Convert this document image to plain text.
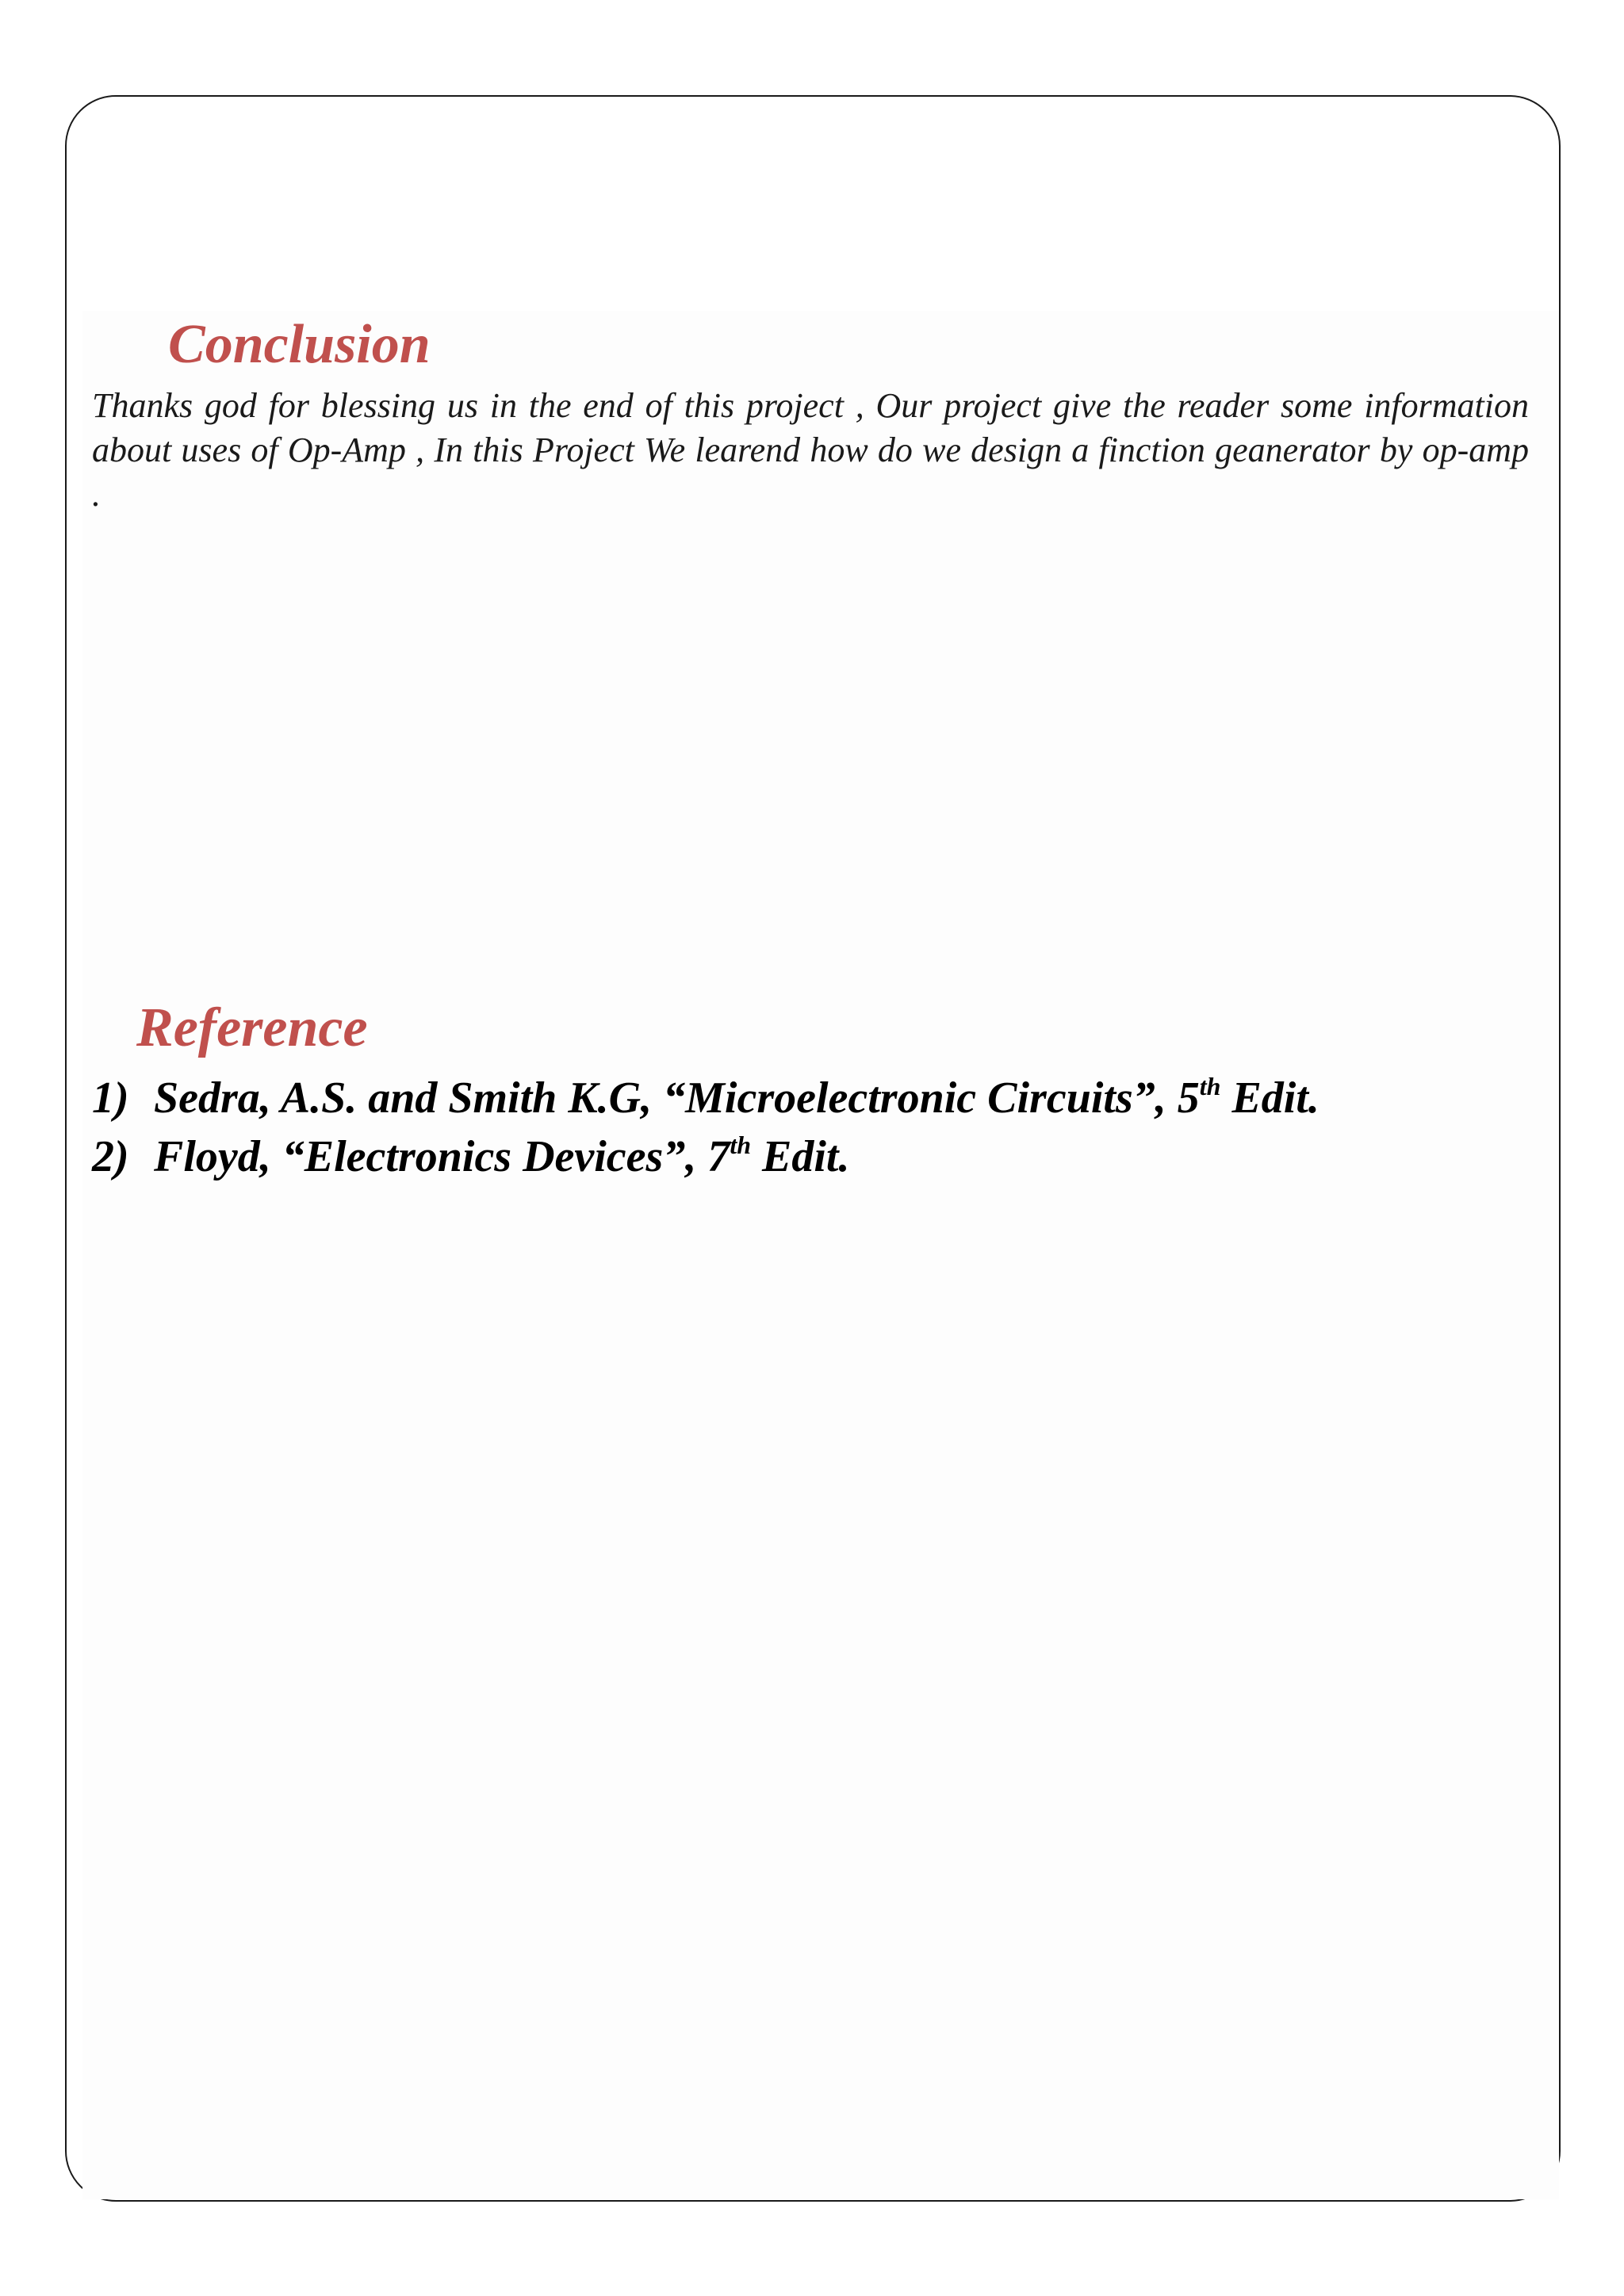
Conclusion

Thanks god for blessing us in the end of this project , Our project give the reader some information about uses of Op-Amp , In this Project We learend how do we design a finction geanerator by op-amp .

Reference
1) Sedra, A.S. and Smith K.G, “Microelectronic Circuits”, 5th Edit.
2) Floyd, “Electronics Devices”, 7th Edit.
